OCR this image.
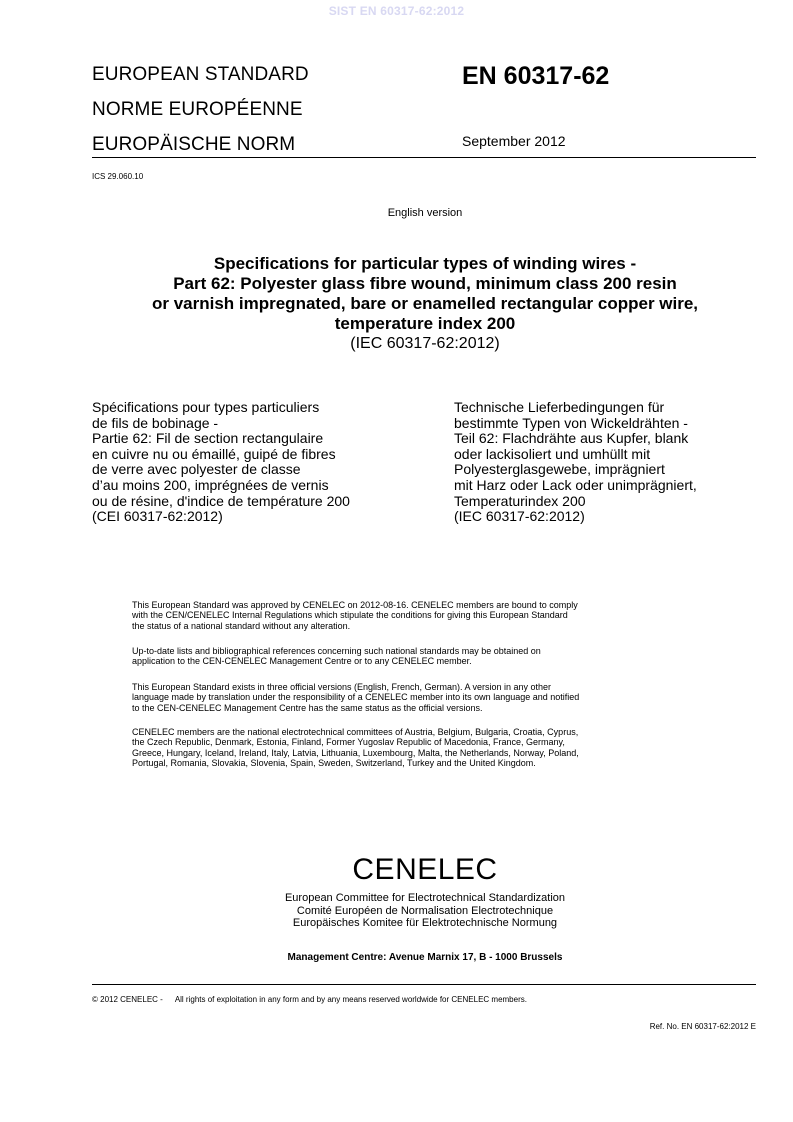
SIST EN 60317-62:2012
EUROPEAN STANDARD
NORME EUROPÉENNE
EUROPÄISCHE NORM
EN 60317-62
September 2012
ICS 29.060.10
English version
Specifications for particular types of winding wires -
Part 62: Polyester glass fibre wound, minimum class 200 resin
or varnish impregnated, bare or enamelled rectangular copper wire,
temperature index 200
(IEC 60317-62:2012)
Spécifications pour types particuliers
de fils de bobinage -
Partie 62: Fil de section rectangulaire
en cuivre nu ou émaillé, guipé de fibres
de verre avec polyester de classe
d’au moins 200, imprégnées de vernis
ou de résine, d'indice de température 200
(CEI 60317-62:2012)
Technische Lieferbedingungen für
bestimmte Typen von Wickeldrähten -
Teil 62: Flachdrähte aus Kupfer, blank
oder lackisoliert und umhüllt mit
Polyesterglasgewebe, imprägniert
mit Harz oder Lack oder unimprägniert,
Temperaturindex 200
(IEC 60317-62:2012)
This European Standard was approved by CENELEC on 2012-08-16. CENELEC members are bound to comply
with the CEN/CENELEC Internal Regulations which stipulate the conditions for giving this European Standard
the status of a national standard without any alteration.
Up-to-date lists and bibliographical references concerning such national standards may be obtained on
application to the CEN-CENELEC Management Centre or to any CENELEC member.
This European Standard exists in three official versions (English, French, German). A version in any other
language made by translation under the responsibility of a CENELEC member into its own language and notified
to the CEN-CENELEC Management Centre has the same status as the official versions.
CENELEC members are the national electrotechnical committees of Austria, Belgium, Bulgaria, Croatia, Cyprus,
the Czech Republic, Denmark, Estonia, Finland, Former Yugoslav Republic of Macedonia, France, Germany,
Greece, Hungary, Iceland, Ireland, Italy, Latvia, Lithuania, Luxembourg, Malta, the Netherlands, Norway, Poland,
Portugal, Romania, Slovakia, Slovenia, Spain, Sweden, Switzerland, Turkey and the United Kingdom.
CENELEC
European Committee for Electrotechnical Standardization
Comité Européen de Normalisation Electrotechnique
Europäisches Komitee für Elektrotechnische Normung
Management Centre: Avenue Marnix 17, B - 1000 Brussels
© 2012 CENELEC - All rights of exploitation in any form and by any means reserved worldwide for CENELEC members.
Ref. No. EN 60317-62:2012 E
